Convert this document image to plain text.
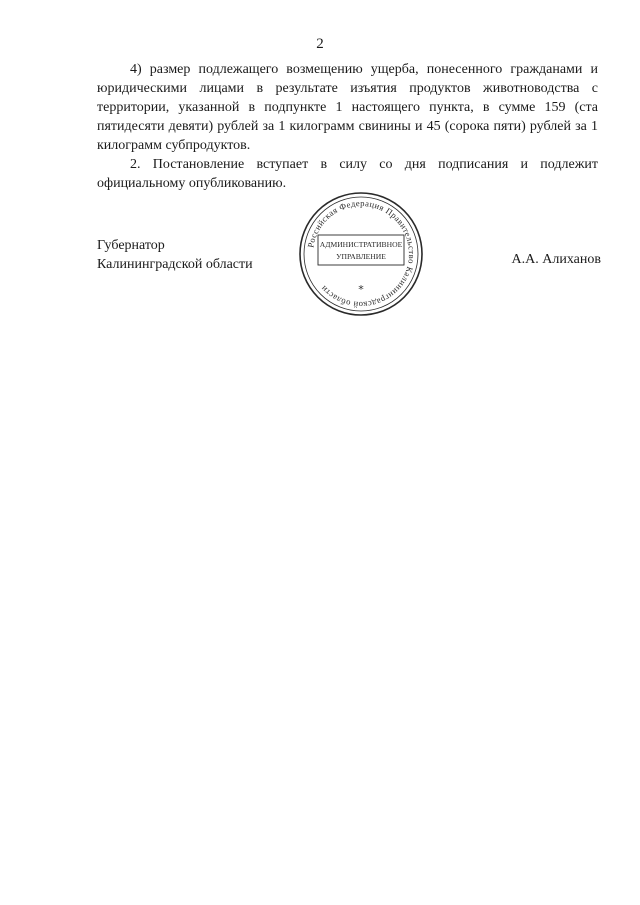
2

4) размер подлежащего возмещению ущерба, понесенного гражданами и юридическими лицами в результате изъятия продуктов животноводства с территории, указанной в подпункте 1 настоящего пункта, в сумме 159 (ста пятидесяти девяти) рублей за 1 килограмм свинины и 45 (сорока пяти) рублей за 1 килограмм субпродуктов.

2. Постановление вступает в силу со дня подписания и подлежит официальному опубликованию.

Губернатор
Калининградской области
Российская Федерация Правительство Калининградской области
АДМИНИСТРАТИВНОЕ
УПРАВЛЕНИЕ
*
А.А. Алиханов
